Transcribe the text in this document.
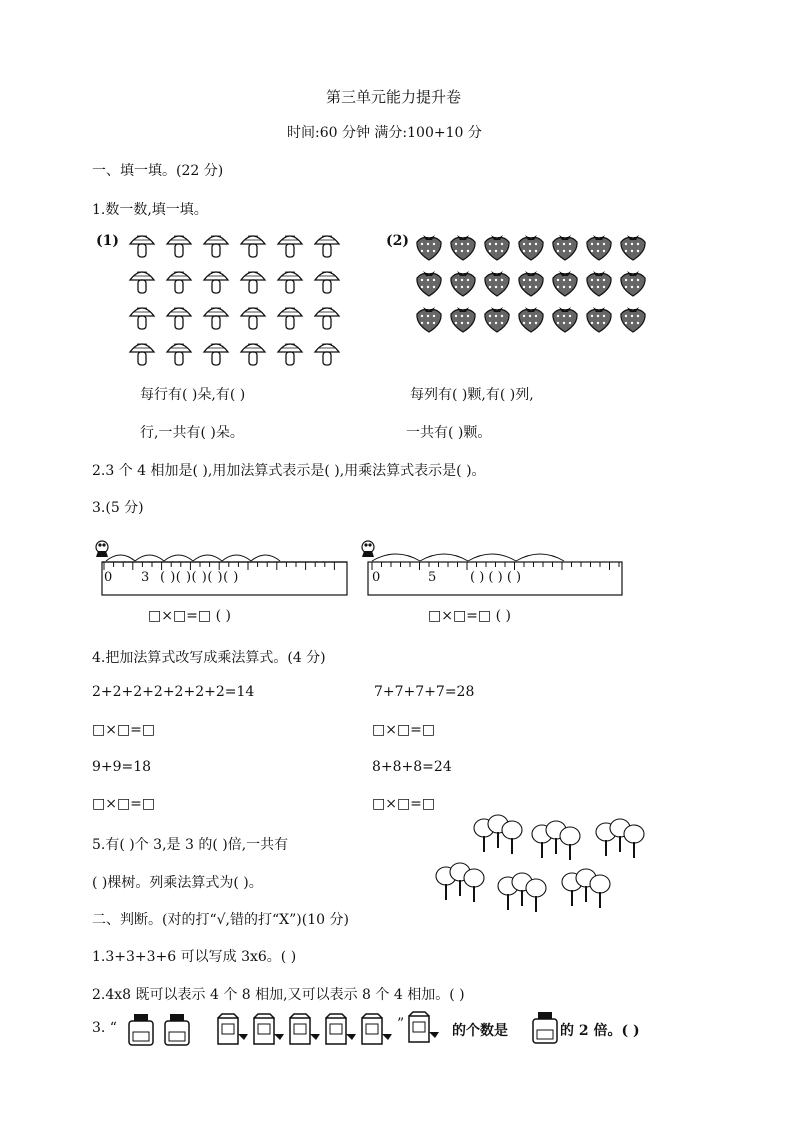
第三单元能力提升卷
时间:60 分钟 满分:100+10 分
一、填一填。(22 分)
1.数一数,填一填。
(1)	(2)
每行有( )朵,有( )
行,一共有( )朵。
每列有( )颗,有( )列,
一共有( )颗。
2.3 个 4 相加是( ),用加法算式表示是( ),用乘法算式表示是( )。
3.(5 分)
0 3 ( )( )( )( )( )	0	5	( ) ( ) ( )
□×□=□ ( )	□×□=□ ( )
4.把加法算式改写成乘法算式。(4 分)
2+2+2+2+2+2+2=14	7+7+7+7=28
□×□=□	□×□=□
9+9=18	8+8+8=24
□×□=□	□×□=□
5.有( )个 3,是 3 的( )倍,一共有
( )棵树。列乘法算式为( )。
二、判断。(对的打“√,错的打“X”)(10 分)
1.3+3+3+6 可以写成 3x6。( )
2.4x8 既可以表示 4 个 8 相加,又可以表示 8 个 4 相加。( )
3. “	”	的个数是	的 2 倍。( )
